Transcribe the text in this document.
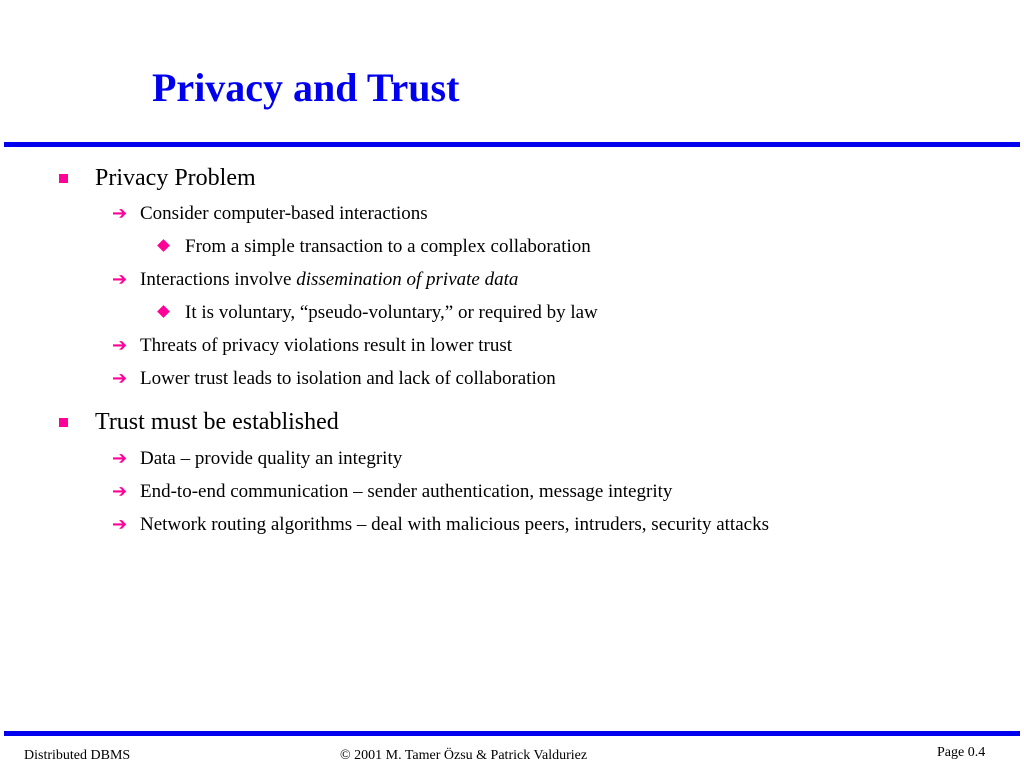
Privacy and Trust
Privacy Problem
➔ Consider computer-based interactions
From a simple transaction to a complex collaboration
➔ Interactions involve dissemination of private data
It is voluntary, “pseudo-voluntary,” or required by law
➔ Threats of privacy violations result in lower trust
➔ Lower trust leads to isolation and lack of collaboration
Trust must be established
➔ Data – provide quality an integrity
➔ End-to-end communication – sender authentication, message integrity
➔ Network routing algorithms – deal with malicious peers, intruders, security attacks
Distributed DBMS	© 2001 M. Tamer Özsu & Patrick Valduriez	Page 0.4
